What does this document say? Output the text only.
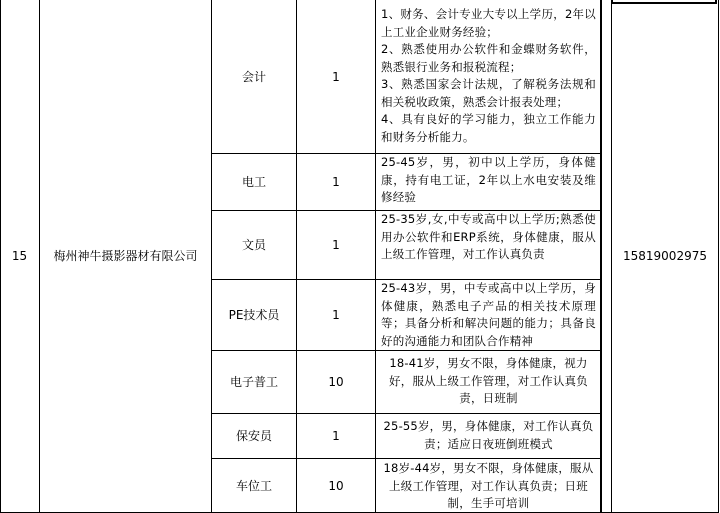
15	梅州神牛摄影器材有限公司	15819002975
会计	1
1、财务、会计专业大专以上学历，2年以上工业企业财务经验；
2、熟悉使用办公软件和金蝶财务软件，熟悉银行业务和报税流程；
3、熟悉国家会计法规，了解税务法规和相关税收政策，熟悉会计报表处理；
4、具有良好的学习能力，独立工作能力和财务分析能力。
电工	1
25-45岁，男，初中以上学历，身体健康，持有电工证，2年以上水电安装及维修经验
文员	1
25-35岁,女,中专或高中以上学历;熟悉使用办公软件和ERP系统，身体健康，服从上级工作管理，对工作认真负责
PE技术员	1
25-43岁，男，中专或高中以上学历，身体健康，熟悉电子产品的相关技术原理等；具备分析和解决问题的能力；具备良好的沟通能力和团队合作精神
电子普工	10
18-41岁，男女不限，身体健康，视力好，服从上级工作管理，对工作认真负责，日班制
保安员	1
25-55岁，男，身体健康，对工作认真负责；适应日夜班倒班模式
车位工	10
18岁-44岁，男女不限，身体健康，服从上级工作管理，对工作认真负责；日班制，生手可培训
